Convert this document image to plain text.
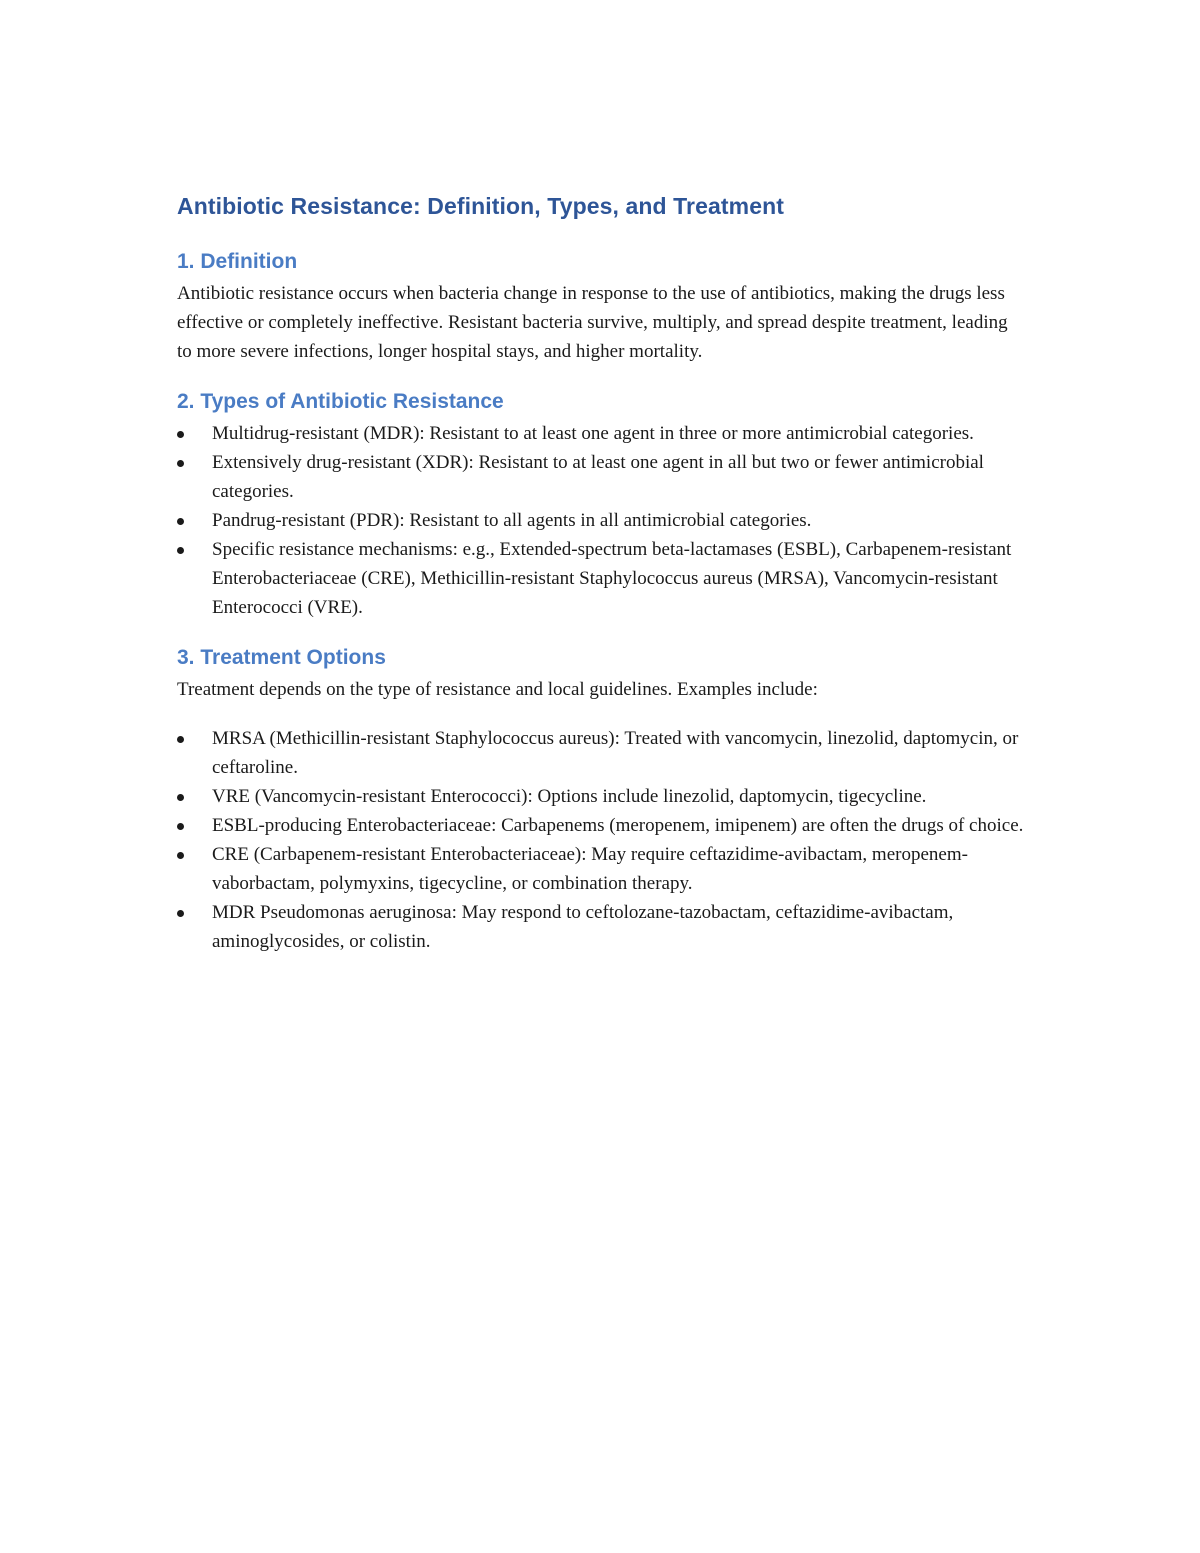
Antibiotic Resistance: Definition, Types, and Treatment
1. Definition

Antibiotic resistance occurs when bacteria change in response to the use of antibiotics, making the drugs less effective or completely ineffective. Resistant bacteria survive, multiply, and spread despite treatment, leading to more severe infections, longer hospital stays, and higher mortality.

2. Types of Antibiotic Resistance
Multidrug-resistant (MDR): Resistant to at least one agent in three or more antimicrobial categories.
Extensively drug-resistant (XDR): Resistant to at least one agent in all but two or fewer antimicrobial categories.
Pandrug-resistant (PDR): Resistant to all agents in all antimicrobial categories.
Specific resistance mechanisms: e.g., Extended-spectrum beta-lactamases (ESBL), Carbapenem-resistant Enterobacteriaceae (CRE), Methicillin-resistant Staphylococcus aureus (MRSA), Vancomycin-resistant Enterococci (VRE).
3. Treatment Options

Treatment depends on the type of resistance and local guidelines. Examples include:

MRSA (Methicillin-resistant Staphylococcus aureus): Treated with vancomycin, linezolid, daptomycin, or ceftaroline.
VRE (Vancomycin-resistant Enterococci): Options include linezolid, daptomycin, tigecycline.
ESBL-producing Enterobacteriaceae: Carbapenems (meropenem, imipenem) are often the drugs of choice.
CRE (Carbapenem-resistant Enterobacteriaceae): May require ceftazidime-avibactam, meropenem-vaborbactam, polymyxins, tigecycline, or combination therapy.
MDR Pseudomonas aeruginosa: May respond to ceftolozane-tazobactam, ceftazidime-avibactam, aminoglycosides, or colistin.
